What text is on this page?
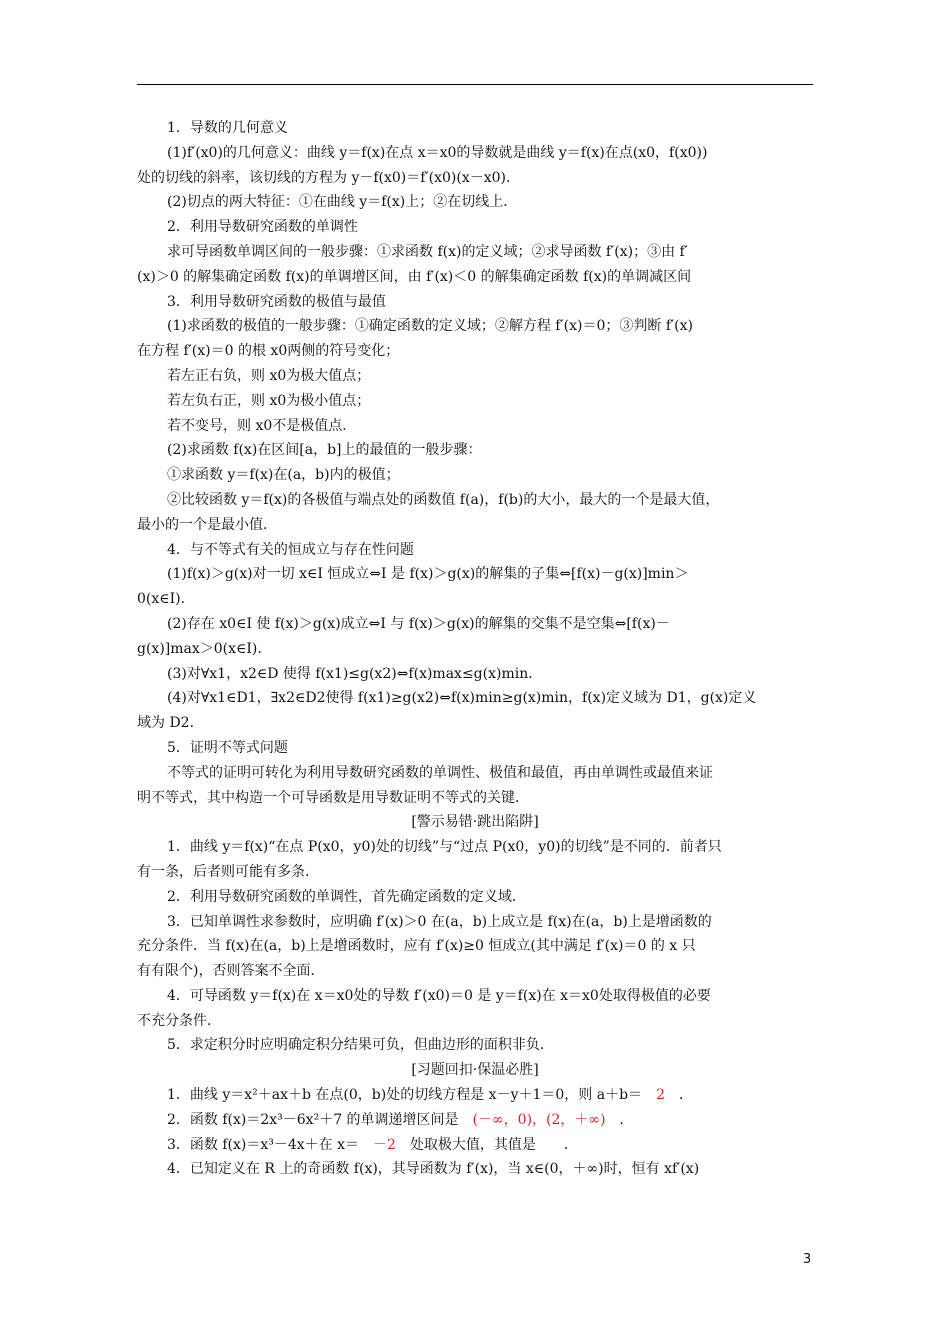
1．导数的几何意义
(1)f′(x0)的几何意义：曲线 y＝f(x)在点 x＝x0的导数就是曲线 y＝f(x)在点(x0，f(x0))
处的切线的斜率，该切线的方程为 y－f(x0)＝f′(x0)(x－x0)．
(2)切点的两大特征：①在曲线 y＝f(x)上；②在切线上．
2．利用导数研究函数的单调性
求可导函数单调区间的一般步骤：①求函数 f(x)的定义域；②求导函数 f′(x)；③由 f′
(x)＞0 的解集确定函数 f(x)的单调增区间，由 f′(x)＜0 的解集确定函数 f(x)的单调减区间
3．利用导数研究函数的极值与最值
(1)求函数的极值的一般步骤：①确定函数的定义域；②解方程 f′(x)＝0；③判断 f′(x)
在方程 f′(x)＝0 的根 x0两侧的符号变化；
若左正右负，则 x0为极大值点；
若左负右正，则 x0为极小值点；
若不变号，则 x0不是极值点．
(2)求函数 f(x)在区间[a，b]上的最值的一般步骤：
①求函数 y＝f(x)在(a，b)内的极值；
②比较函数 y＝f(x)的各极值与端点处的函数值 f(a)，f(b)的大小，最大的一个是最大值，
最小的一个是最小值．
4．与不等式有关的恒成立与存在性问题
(1)f(x)＞g(x)对一切 x∈I 恒成立⇔I 是 f(x)＞g(x)的解集的子集⇔[f(x)－g(x)]min＞
0(x∈I)．
(2)存在 x0∈I 使 f(x)＞g(x)成立⇔I 与 f(x)＞g(x)的解集的交集不是空集⇔[f(x)－
g(x)]max＞0(x∈I)．
(3)对∀x1，x2∈D 使得 f(x1)≤g(x2)⇔f(x)max≤g(x)min．
(4)对∀x1∈D1，∃x2∈D2使得 f(x1)≥g(x2)⇔f(x)min≥g(x)min，f(x)定义域为 D1，g(x)定义
域为 D2．
5．证明不等式问题
不等式的证明可转化为利用导数研究函数的单调性、极值和最值，再由单调性或最值来证
明不等式，其中构造一个可导函数是用导数证明不等式的关键．
[警示易错·跳出陷阱]
1．曲线 y＝f(x)“在点 P(x0，y0)处的切线”与“过点 P(x0，y0)的切线”是不同的．前者只
有一条，后者则可能有多条．
2．利用导数研究函数的单调性，首先确定函数的定义域．
3．已知单调性求参数时，应明确 f′(x)＞0 在(a，b)上成立是 f(x)在(a，b)上是增函数的
充分条件．当 f(x)在(a，b)上是增函数时，应有 f′(x)≥0 恒成立(其中满足 f′(x)＝0 的 x 只
有有限个)，否则答案不全面．
4．可导函数 y＝f(x)在 x＝x0处的导数 f′(x0)＝0 是 y＝f(x)在 x＝x0处取得极值的必要
不充分条件．
5．求定积分时应明确定积分结果可负，但曲边形的面积非负．
[习题回扣·保温必胜]
1．曲线 y＝x²＋ax＋b 在点(0，b)处的切线方程是 x－y＋1＝0，则 a＋b＝  2  ．
2．函数 f(x)＝2x³－6x²＋7 的单调递增区间是  (－∞，0)，(2，＋∞)  ．
3．函数 f(x)＝x³－4x＋在 x＝  －2  处取极大值，其值是　　．
4．已知定义在 R 上的奇函数 f(x)，其导函数为 f′(x)，当 x∈(0，＋∞)时，恒有 xf′(x)
3
